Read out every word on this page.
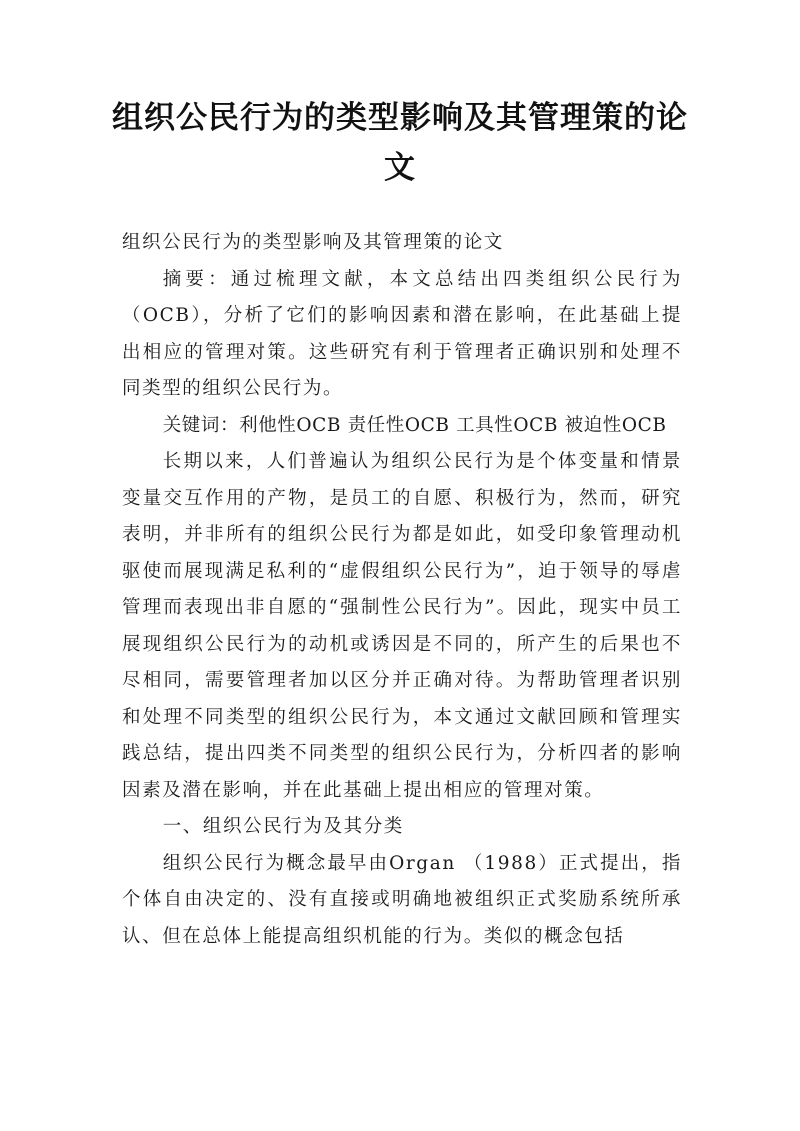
组织公民行为的类型影响及其管理策的论文

组织公民行为的类型影响及其管理策的论文

摘要：通过梳理文献，本文总结出四类组织公民行为（OCB），分析了它们的影响因素和潜在影响，在此基础上提出相应的管理对策。这些研究有利于管理者正确识别和处理不同类型的组织公民行为。

关键词：利他性OCB 责任性OCB 工具性OCB 被迫性OCB

长期以来，人们普遍认为组织公民行为是个体变量和情景变量交互作用的产物，是员工的自愿、积极行为，然而，研究表明，并非所有的组织公民行为都是如此，如受印象管理动机驱使而展现满足私利的“虚假组织公民行为”，迫于领导的辱虐管理而表现出非自愿的“强制性公民行为”。因此，现实中员工展现组织公民行为的动机或诱因是不同的，所产生的后果也不尽相同，需要管理者加以区分并正确对待。为帮助管理者识别和处理不同类型的组织公民行为，本文通过文献回顾和管理实践总结，提出四类不同类型的组织公民行为，分析四者的影响因素及潜在影响，并在此基础上提出相应的管理对策。

一、组织公民行为及其分类

组织公民行为概念最早由Organ （1988）正式提出，指个体自由决定的、没有直接或明确地被组织正式奖励系统所承认、但在总体上能提高组织机能的行为。类似的概念包括
